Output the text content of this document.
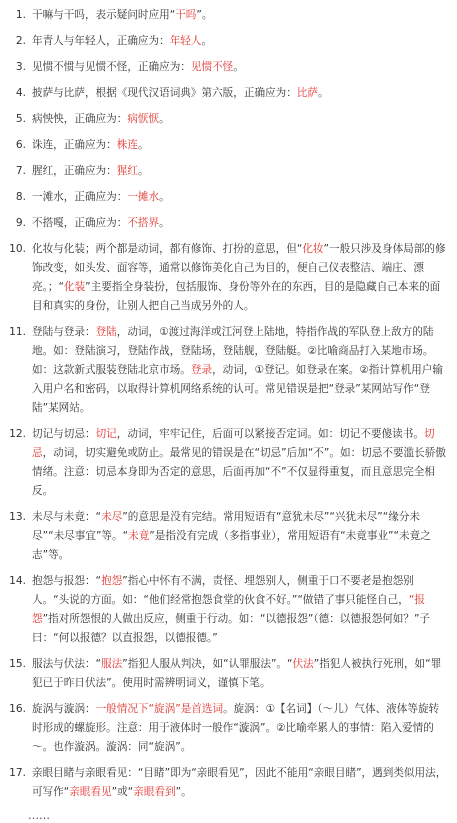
1. 干嘛与干吗，表示疑问时应用“干吗”。
2. 年青人与年轻人，正确应为：年轻人。
3. 见惯不惯与见惯不怪，正确应为：见惯不怪。
4. 披萨与比萨，根据《现代汉语词典》第六版，正确应为：比萨。
5. 病怏怏，正确应为：病恹恹。
6. 诛连，正确应为：株连。
7. 腥红，正确应为：猩红。
8. 一滩水，正确应为：一摊水。
9. 不搭嘎，正确应为：不搭界。
10. 化妆与化装；两个都是动词，都有修饰、打扮的意思，但“化妆”一般只涉及身体局部的修饰改变，如头发、面容等，通常以修饰美化自己为目的，便自己仪表整洁、端庄、漂亮。；“化装”主要指全身装扮，包括服饰、身份等外在的东西，目的是隐藏自己本来的面目和真实的身份，让别人把自己当成另外的人。
11. 登陆与登录：登陆，动词，①渡过海洋或江河登上陆地，特指作战的军队登上敌方的陆地。如：登陆演习，登陆作战，登陆场，登陆舰，登陆艇。②比喻商品打入某地市场。如：这款新式服装登陆北京市场。登录，动词，①登记。如登录在案。②指计算机用户输入用户名和密码，以取得计算机网络系统的认可。常见错误是把“登录”某网站写作“登陆”某网站。
12. 切记与切忌：切记，动词，牢牢记住，后面可以紧接否定词。如：切记不要傻读书。切忌，动词，切实避免或防止。最常见的错误是在“切忌”后加“不”。如：切忌不要滥长骄傲情绪。注意：切忌本身即为否定的意思，后面再加“不”不仅显得重复，而且意思完全相反。
13. 未尽与未竟：“未尽”的意思是没有完结。常用短语有“意犹未尽”“兴犹未尽”“缘分未尽”“未尽事宜”等。“未竟”是指没有完成（多指事业），常用短语有“未竟事业”“未竟之志”等。
14. 抱怨与报怨：“抱怨”指心中怀有不满，责怪、埋怨别人，侧重于口不要老是抱怨别人。“头说的方面。如：“他们经常抱怨食堂的伙食不好。”“做错了事只能怪自己，“报怨”指对所怨恨的人做出反应，侧重于行动。如：“以德报怨”（德：以德报怨何如？”子曰：“何以报德？以直报怨，以德报德。”
15. 服法与伏法：“服法”指犯人服从判决，如“认罪服法”。“伏法”指犯人被执行死刑，如“罪犯已于昨日伏法”。使用时需辨明词义，谨慎下笔。
16. 旋涡与漩涡：一般情况下“旋涡”是首选词。旋涡：①【名词】（～儿）气体、液体等旋转时形成的螺旋形。注意：用于液体时一般作“漩涡”。②比喻牵累人的事情：陷入爱情的～。也作漩涡。漩涡：同“旋涡”。
17. 亲眼目睹与亲眼看见：“目睹”即为“亲眼看见”，因此不能用“亲眼目睹”，遇到类似用法，可写作“亲眼看见”或“亲眼看到”。
……
